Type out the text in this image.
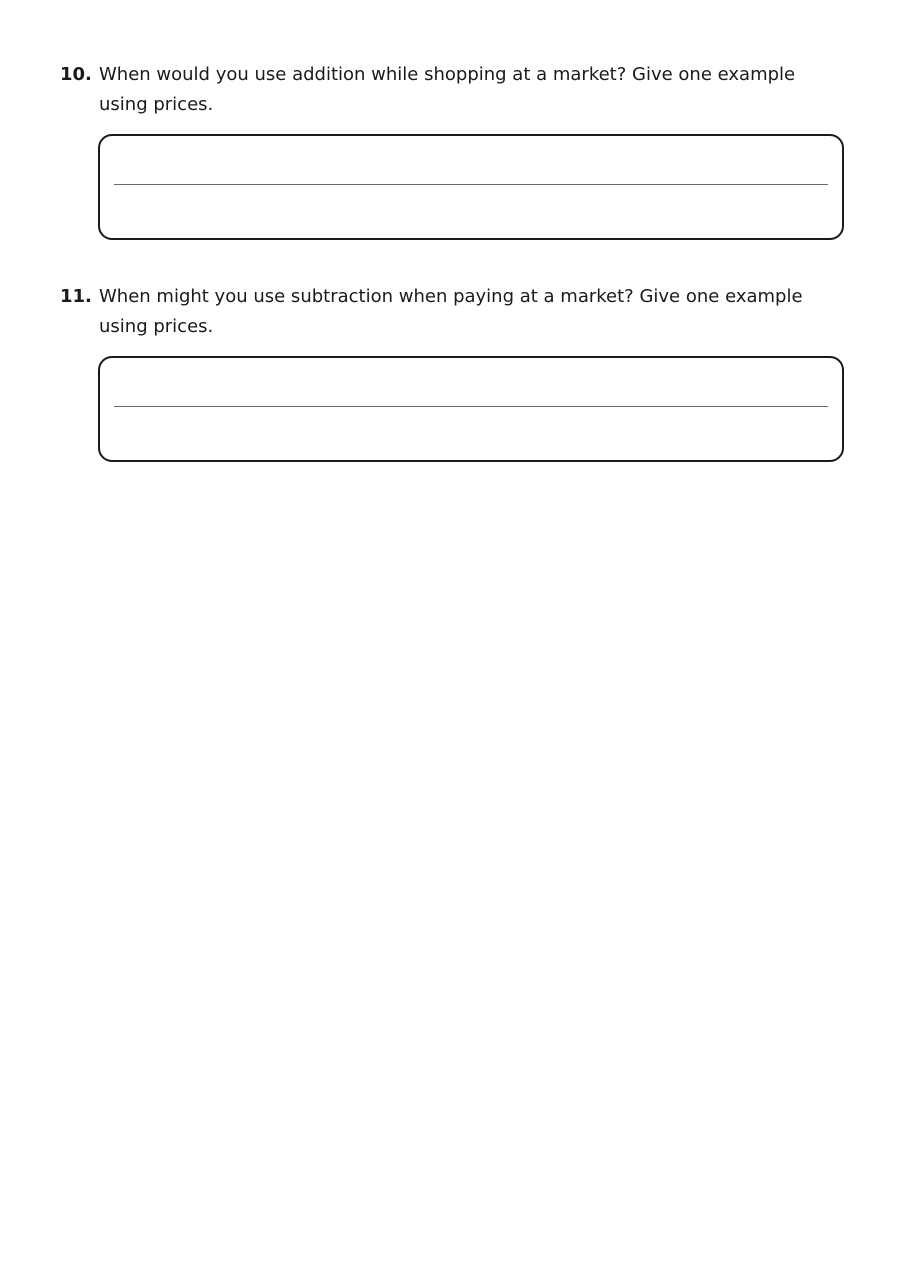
10. When would you use addition while shopping at a market? Give one example using prices.
11. When might you use subtraction when paying at a market? Give one example using prices.
